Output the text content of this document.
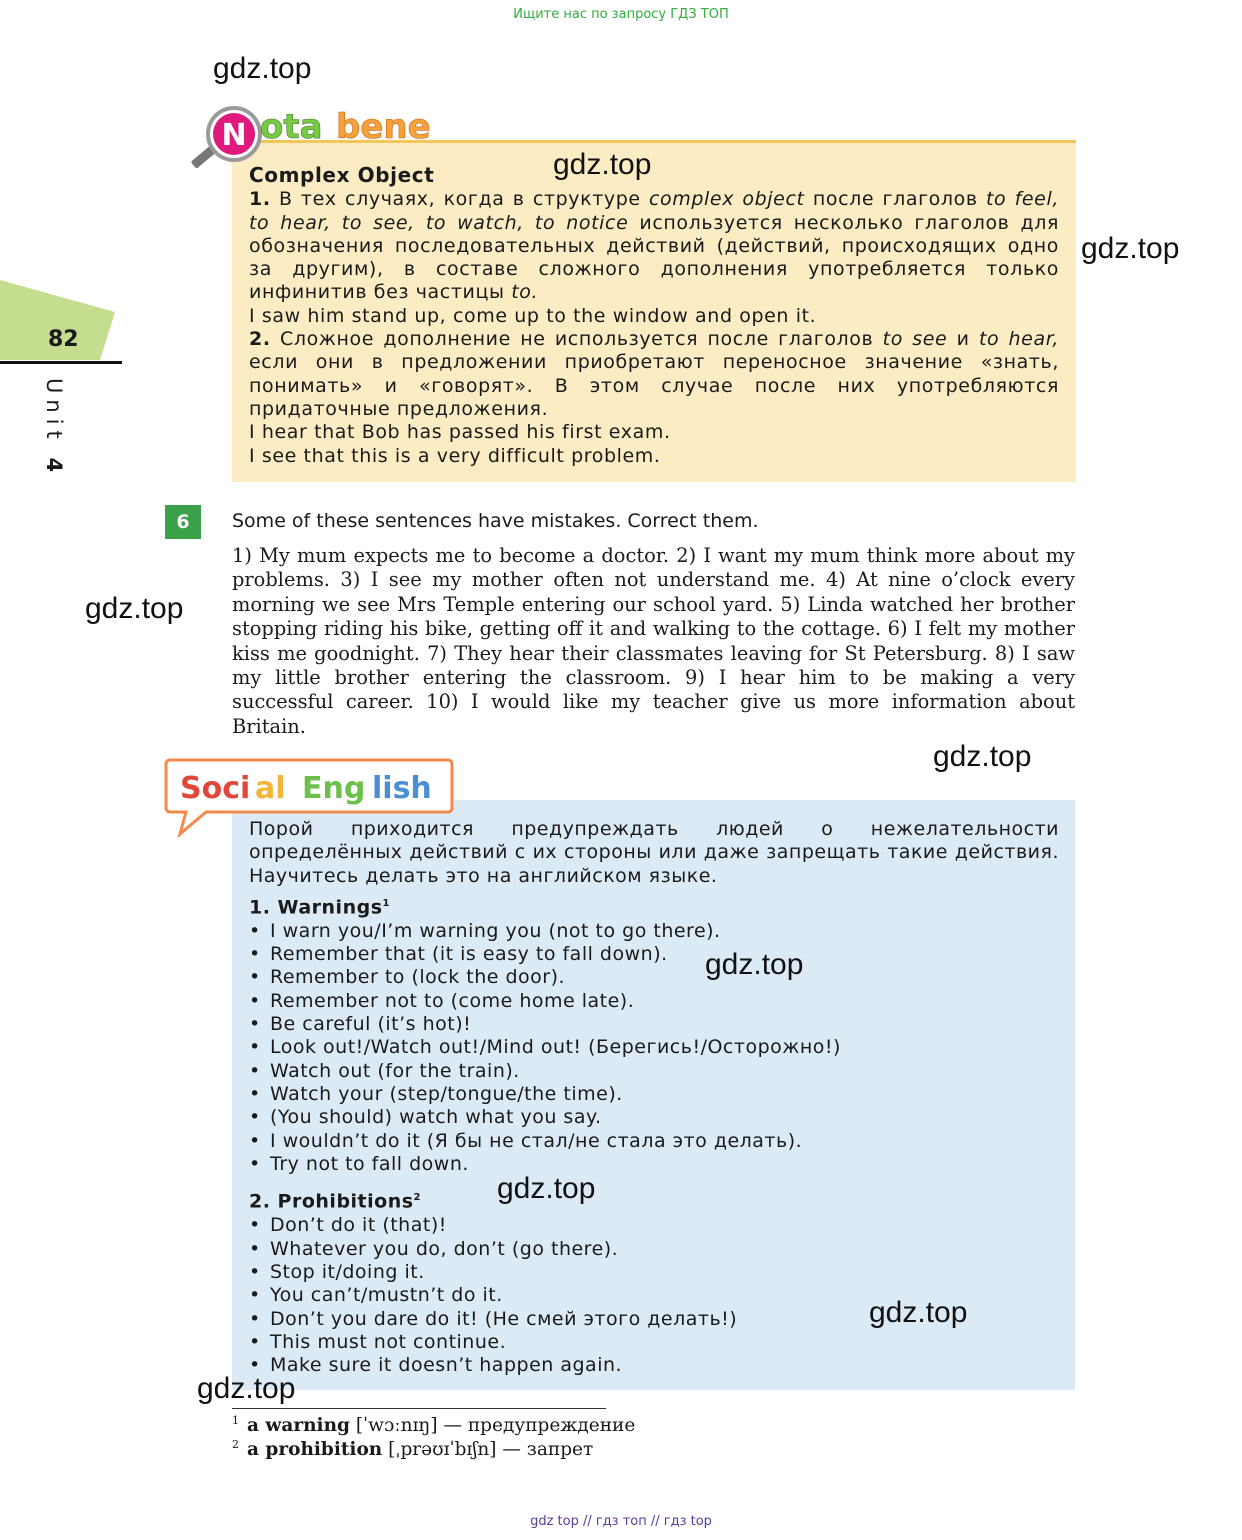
Ищите нас по запросу ГДЗ ТОП
82
Unit 4
N ota bene

Complex Object

1. В тех случаях, когда в структуре complex object после глаголов to feel, to hear, to see, to watch, to notice используется несколько глаголов для обозначения последовательных действий (действий, происходящих одно за другим), в составе сложного дополнения употребляется только инфинитив без частицы to.

I saw him stand up, come up to the window and open it.

2. Сложное дополнение не используется после глаголов to see и to hear, если они в предложении приобретают переносное значение «знать, понимать» и «говорят». В этом случае после них употребляются придаточные предложения.

I hear that Bob has passed his first exam.

I see that this is a very difficult problem.

6	Some of these sentences have mistakes. Correct them.
1) My mum expects me to become a doctor. 2) I want my mum think more about my problems. 3) I see my mother often not understand me. 4) At nine o’clock every morning we see Mrs Temple entering our school yard. 5) Linda watched her brother stopping riding his bike, getting off it and walking to the cottage. 6) I felt my mother kiss me goodnight. 7) They hear their classmates leaving for St Petersburg. 8) I saw my little brother entering the classroom. 9) I hear him to be making a very successful career. 10) I would like my teacher give us more information about Britain.
Soci al Eng lish

Порой приходится предупреждать людей о нежелательности определённых действий с их стороны или даже запрещать такие действия. Научитесь делать это на английском языке.

1. Warnings$^1$

• I warn you/I’m warning you (not to go there).
• Remember that (it is easy to fall down).
• Remember to (lock the door).
• Remember not to (come home late).
• Be careful (it’s hot)!
• Look out!/Watch out!/Mind out! (Берегись!/Осторожно!)
• Watch out (for the train).
• Watch your (step/tongue/the time).
• (You should) watch what you say.
• I wouldn’t do it (Я бы не стал/не стала это делать).
• Try not to fall down.

2. Prohibitions$^2$

• Don’t do it (that)!
• Whatever you do, don’t (go there).
• Stop it/doing it.
• You can’t/mustn’t do it.
• Don’t you dare do it! (Не смей этого делать!)
• This must not continue.
• Make sure it doesn’t happen again.
$^1$ a warning [ˈwɔːnɪŋ] — предупреждение
$^2$ a prohibition [ˌprəʊɪˈbɪʃn] — запрет
gdz.top
gdz.top
gdz.top
gdz.top
gdz.top
gdz.top
gdz.top
gdz.top
gdz.top
gdz top // гдз топ // гдз top
